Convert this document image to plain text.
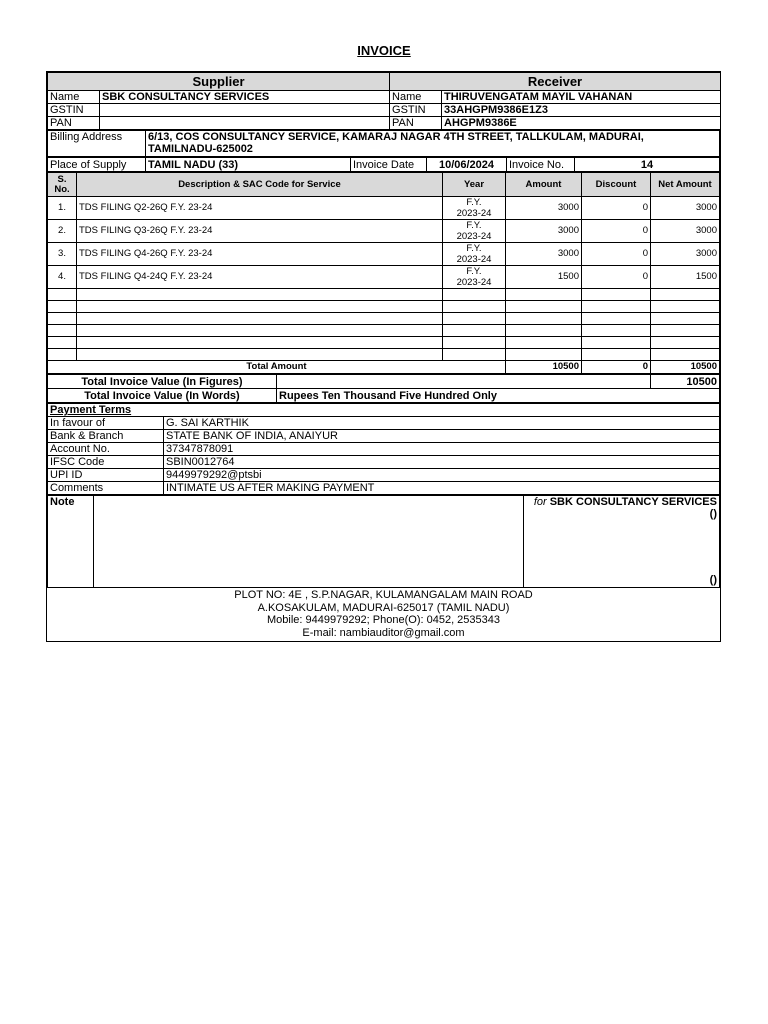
INVOICE
Supplier		Receiver	
Name	SBK CONSULTANCY SERVICES	Name	THIRUVENGATAM MAYIL VAHANAN
GSTIN		GSTIN	33AHGPM9386E1Z3
PAN		PAN	AHGPM9386E
Billing Address	6/13, COS CONSULTANCY SERVICE, KAMARAJ NAGAR 4TH STREET, TALLKULAM, MADURAI,
TAMILNADU-625002
Place of Supply	TAMIL NADU (33)	Invoice Date	10/06/2024	Invoice No.	14
S.
No.	Description & SAC Code for Service	Year	Amount	Discount	Net Amount
1.	TDS FILING Q2-26Q F.Y. 23-24	F.Y.
2023-24	3000	0	3000
2.	TDS FILING Q3-26Q F.Y. 23-24	F.Y.
2023-24	3000	0	3000
3.	TDS FILING Q4-26Q F.Y. 23-24	F.Y.
2023-24	3000	0	3000
4.	TDS FILING Q4-24Q F.Y. 23-24	F.Y.
2023-24	1500	0	1500

Total Amount			10500	0	10500
Total Invoice Value (In Figures)		10500
Total Invoice Value (In Words)	Rupees Ten Thousand Five Hundred Only	
Payment Terms	
In favour of	G. SAI KARTHIK
Bank & Branch	STATE BANK OF INDIA, ANAIYUR
Account No.	37347878091
IFSC Code	SBIN0012764
UPI ID	9449979292@ptsbi
Comments	INTIMATE US AFTER MAKING PAYMENT
Note		for SBK CONSULTANCY SERVICES
()
()
PLOT NO: 4E , S.P.NAGAR, KULAMANGALAM MAIN ROAD
A.KOSAKULAM, MADURAI-625017 (TAMIL NADU)
Mobile: 9449979292; Phone(O): 0452, 2535343
E-mail: nambiauditor@gmail.com
